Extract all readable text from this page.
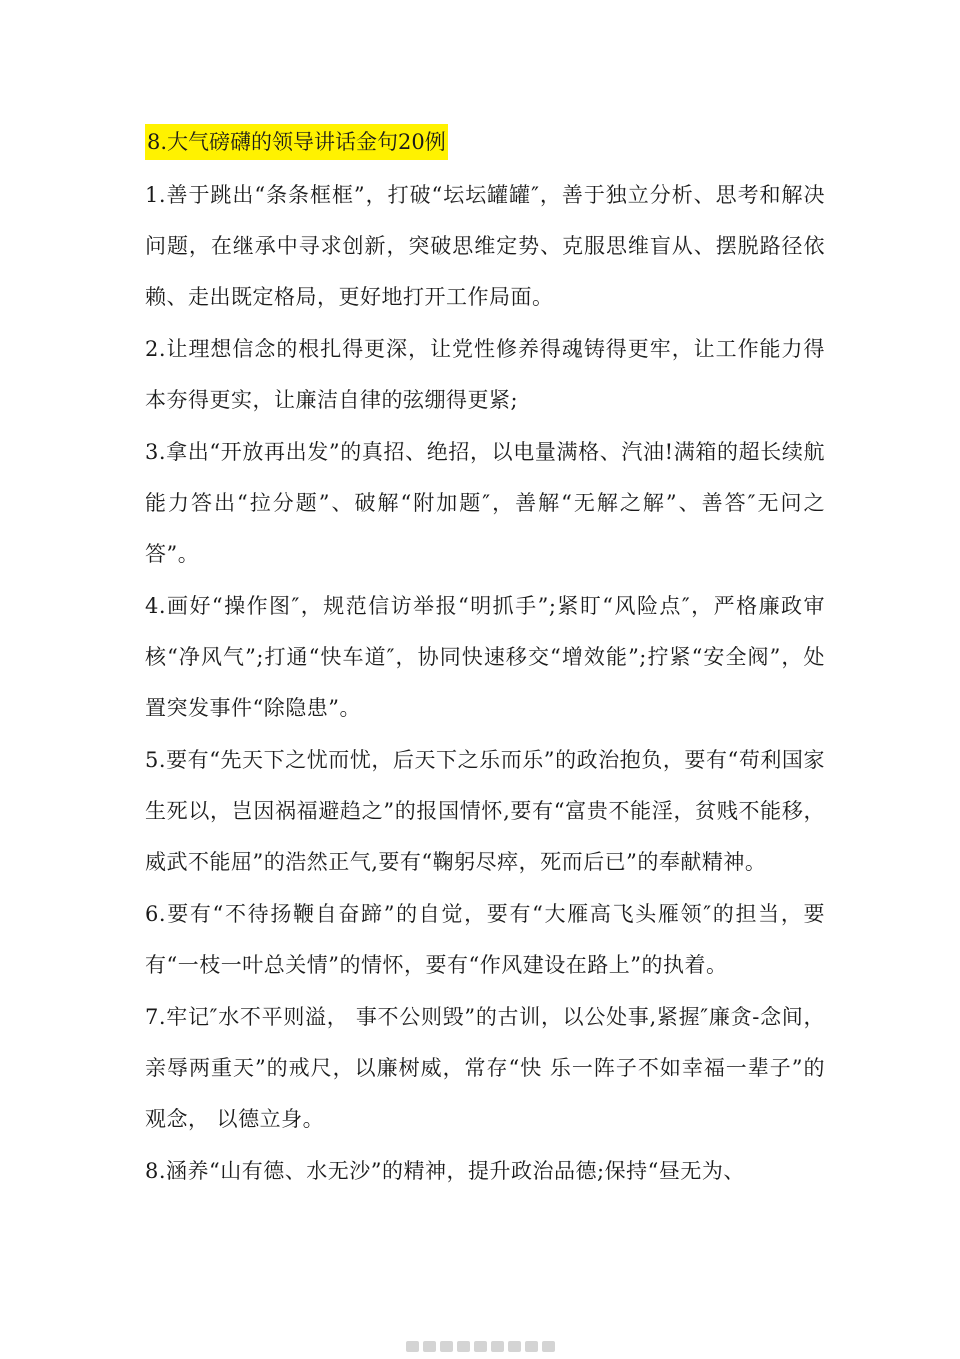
8.大气磅礴的领导讲话金句20例

1.善于跳出“条条框框”，打破“坛坛罐罐″，善于独立分析、思考和解决问题，在继承中寻求创新，突破思维定势、克服思维盲从、摆脱路径依赖、走出既定格局，更好地打开工作局面。

2.让理想信念的根扎得更深，让党性修养得魂铸得更牢，让工作能力得本夯得更实，让廉洁自律的弦绷得更紧;

3.拿出“开放再出发”的真招、绝招，以电量满格、汽油!满箱的超长续航能力答出“拉分题”、破解“附加题″，善解“无解之解”、善答″无问之答”。

4.画好“操作图″，规范信访举报“明抓手”;紧盯“风险点″，严格廉政审核“净风气”;打通“快车道″，协同快速移交“增效能”;拧紧“安全阀”，处置突发事件“除隐患”。

5.要有“先天下之忧而忧，后天下之乐而乐”的政治抱负，要有“苟利国家生死以，岂因祸福避趋之”的报国情怀,要有“富贵不能淫，贫贱不能移，威武不能屈”的浩然正气,要有“鞠躬尽瘁，死而后已”的奉献精神。

6.要有“不待扬鞭自奋蹄”的自觉，要有“大雁高飞头雁领″的担当，要有“一枝一叶总关情”的情怀，要有“作风建设在路上”的执着。

7.牢记″水不平则溢， 事不公则毁”的古训，以公处事,紧握″廉贪-念间，亲辱两重天”的戒尺，以廉树威，常存“快 乐一阵子不如幸福一辈子”的观念， 以德立身。

8.涵养“山有德、水无沙”的精神，提升政治品德;保持“昼无为、
